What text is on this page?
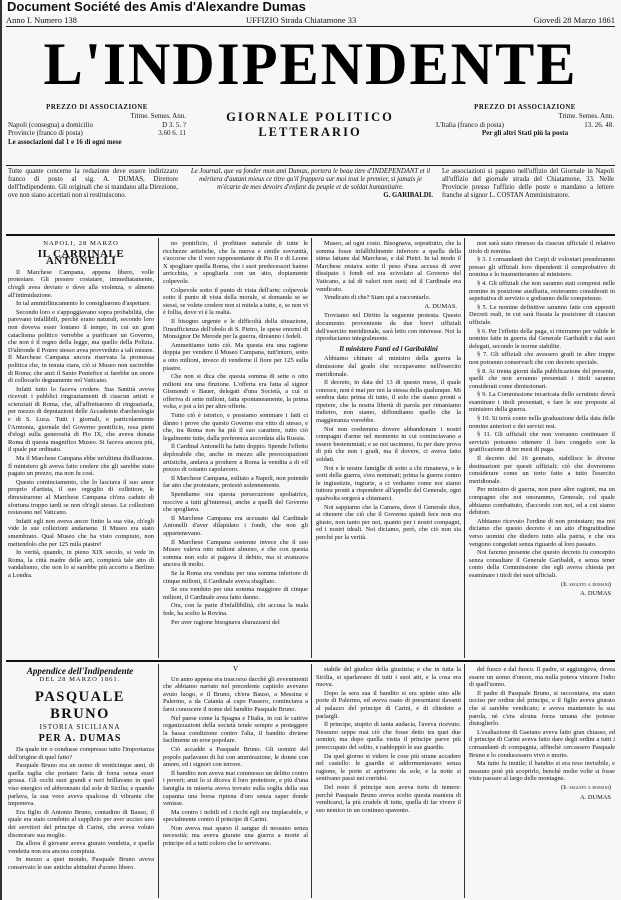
Document Société des Amis d'Alexandre Dumas
Anno I. Numero 138	UFFIZIO Strada Chiatamone 33	Giovedì 28 Marzo 1861
L'INDIPENDENTE
PREZZO DI ASSOCIAZIONE
Trime. Semes. Ann.
Napoli (consegna) a domicilio	D 3. 5. ?
Provincie (franco di posta)	3.60 6. 11
Le associazioni dal 1 e 16 di ogni mese
GIORNALE POLITICO LETTERARIO
PREZZO DI ASSOCIAZIONE
Trime. Semes. Ann.
L'Italia (franco di posta)	13. 26. 48.
Per gli altri Stati più la posta
Tutte quante concerne la redazione deve essere indirizzato franco di posto al sig. A. DUMAS, Direttore dell'Indipendente. Gli originali che si mandano alla Direzione, ove non siano accettati non si restituiscono.
Le Journal, que va fonder mon ami Dumas, portera le beau titre d'INDEPENDANT et il méritera d'autant mieux ce titre qu'il frappera sur moi tout le premier, si jamais je m'écarte de mes devoirs d'enfant du peuple et de soldat humanitaire.
G. GARIBALDI.
Le associazioni si pagano nell'uffizio del Giornale in Napoli all'uffizio del giornale strada del Chiatamone, 33. Nelle Provincie presso l'uffizio delle poste e mandano a lettere franche al signor L. COSTAN Amministratore.
NAPOLI, 28 MARZO
IL CARDINALE ANTONELLI

Il Marchese Campana, appena libero, volle protestare. Gli presero costatare, immediatamente, ch'egli avea deviato e dove alla violenza, o almeno all'intimidazione.

In tal ammirlitucamento lo consigliarono d'aspettare.

Secondo loro e s'appoggiavano sopra probabilità, che parevano infallibili, perchè erano naturali, secondo loro non doveva esser lontano il tempo, in cui un gran cataclisma politico verrebbe a purificare un Governo, che non è il regno della legge, ma quello della Polizia. D'altronde il Potere stesso avea provveduto a tali misure. Il Marchese Campana ancora riservata la promessa politica che, in tenuta ciara, ciò si Museo non uscirebbe di Roma; che anzi il Santo Pontefice si farebbe un onore di collocarlo degnamente nel Vaticano.

Infatti tutto lo faceva credere. Sua Santità aveva ricevuti i pubblici ringraziamenti di ciascun artisti e scienziati di Roma, che, all'affrettarono di ringraziarla, per mezzo di deputazioni delle Accademie d'archeologia e di S. Luca. Tutti i giornali, e particolarmente l'Armonia, giornale del Governo pontificio, resa pieni d'elogi sulla generosità di Pio IX, che aveva donata Roma di questa magnifico Museo. Si faceva ancora più, il quale pur ordinato.

Ma il Marchese Campana ebbe un'ultima disillusione. Il ministero gli aveva fatto credere che gli sarebbe stato pagato un prezzo, ma non fu così.

Questo cominciamento, che lo lasciava il suo amor proprio d'artista, il suo orgoglio di collettore, le dimostrarono al Marchese Campana ch'era caduto di sfortuna troppo tardi se non ch'egli stesso. Le collezioni restavano nel Vaticano.

Infatti egli non aveva ancor finito la sua vita, ch'egli vide le sue collezioni andarsene. Il Museo era stato smembrato. Qual Museo che ha visto compiuto, non mettendolo che per 125 mila piastre!

In verità, quando, in pieno XIX secolo, si vede in Roma, la città madre delle arti, compierà tale atto di vandalismo, che non lo si sarebbe più accorto a Berlino a Londra.

no pontificio, il profittare naturale di tutte le ricchezze artistiche, che la nuova e simile sovranità, s'accorse che il vero rappresentante di Pio II e di Leone X spogliare quella Roma, che i suoi predecessori hanno arricchita, e spogliarla con un atto, dopiamente colpevole.

Colpevole sotto il punto di vista dell'arte; colpevole sotto il punto di vista della morale, si domanda se se stessi, se volete credere non si mitela a tutte, e, se non vi è follia, dove vi è la realtà.

Il bisogno urgente e le difficoltà della situazione, l'insufficienza dell'obolo di S. Pietro, le spese enormi di Monsignor De Merode per la guerra, direanno i fedeli.

Ammettiamo tutto ciò. Ma questa era una ragione doppia per vendere il Museo Campana, tutt'intero, sotto a otto milioni, invece di venderne il fiore per 125 sulla piastre.

Che non si dica che questa somma di sette o otto milioni era una finzione. L'offerta era fatta al signor Gismondi e Bauer, delegati d'una Società, a cui si offeriva di sette milioni, fatta spontaneamente, la prima volta, e poi a lei per altre offerte.

Tutto ciò è istorico, e possiamo sommare i fatti ci dànno i prove che questo Governo era vitto di stesso, e che, tra Roma non ha più il suo carattere, tutto ciò legalmente tutte, dalla preferenza accordata alla Russia.

Il Cardinal Antonelli ha fatto doppio. Spende l'effetto deplorabile che, anche in mezzo alle preoccupazioni artistiche, andava a produrre a Roma la vendita a di vil prezzo di cotanto capolavoro.

Il Marchese Campana, esiliato a Napoli, non potendo far atto che protestare, protestò solennemente.

Spendiamo ora questa persecuzione spoliatrice, noccive a tutti gl'interessi, anche a quelli del Governo che spogliava.

Il Marchese Campana era accusato dal Cardinale Antonelli d'aver dilapidato i fondi, che non gli appartenevano.

Il Marchese Campana sostenne invece che il suo Museo valeva otto milioni almeno, e che con questa somma non solo si pagava il debito, ma si avanzava ancora di molto.

Se la Roma era venduta per una somma inferiore di cinque milioni, il Cardinale aveva sbagliato.

Se era venduto per una somma maggiore di cinque milioni, il Cardinale avea fatto danno.

Ora, con la parte d'infallibilità, chi accusa la mala fede, ha scelto la Rovina.

Per aver ragione bisognava sbarazzarsi del

Museo, ad ogni costo. Bisognava, soprattutto, che la somma fosse infallibilmente inferiore a quella della stima fattane dal Marchese, e dal Pietri. In tal modo il Marchese restava sotto il peso d'una accusa di aver dissipato i fondi ed era scivolato al Governo del Vaticano, a tal di valori non suoi; ed il Cardinale era vendicato.

Vendicato di che? Siam qui a raccontarlo.

A. DUMAS.

Troviamo nel Diritto la seguente protesta. Questo documento proveniente da due brevi uffiziali dell'esercito meridionale, sarà letto con interesse. Noi la riproduciamo integralmente.

Il ministero Fanti ed i Garibaldini

Abbiamo chinato al ministro della guerra la dimissione dal grado che occupavamo nell'esercito meridionale.

Il decreto, in data del 13 di questo mese, il quale conosce, non è mai per noi la stessa della qualunque. Mi sembra dato prima di tutto, il solo che siamo pronti a ripetere, che la nostra libertà di parola per rimaniamo indietro, non siamo, diffondiamo quello che la maggioranza vorrebbe.

Noi non credemmo dovere abbandonare i nostri compagni d'arme nel momento in cui cominciavano a essere bestemmiati; e se noi uscimmo, fu per dare prova di più che non i gradi, ma il dovere, ci aveva fatto soldati.

Noi e le nostre famiglie di sotto a chi rimaneva, o le sorti della guerra, s'era nominati; prima la guerra contro le ingiustizie, ingiurie, a ci vediamo come noi siamo tuttora pronti a rispondere all'appello del Generale, ogni qualvolta sorgerà a chiamarci.

Noi sappiamo che la Camera, dove il Generale dice, ai ritenere che ciò che il Governo quindi fece non era giusto, non tanto per noi, quanto per i nostri compagni, ed i nostri ideali. Noi diciamo, però, che ciò non sia perché per la verità.

non sarà stato rimesso da ciascun ufficiale il relativo titolo di nomina.

§ 3. I comandanti dei Corpi di volontari prenderanno presso gli uffiziali loro dipendenti il comprobativo di nomina e lo trasmetteranno al ministero.

§ 4. Gli uffiziali che non saranno stati compresi nelle nomine in posizione ausiliaria, resteranno considerati in aspettativa di servizio e godranno delle competenze.

§ 5. Le nomine definitive saranno fatte con appositi Decreti reali, in cui sarà fissata la posizione di ciascun uffiziale.

§ 6. Per l'effetto della paga, si riterranno per valide le nomine fatte in guerra dal Generale Garibaldi e dai suoi delegati, secondo le norme stabilite.

§ 7. Gli uffiziali che avessero gradi in altre truppe non potranno conservarli che con decreto speciale.

§ 8. Ai trenta giorni dalla pubblicazione del presente, quelli che non avranno presentati i titoli saranno considerati come dimissionari.

§ 9. La Commissione incaricata dello scrutinio dovrà esaminare i titoli presentati, e fare le sue proposte al ministero della guerra.

§ 10. Si terrà conto nella graduazione della data delle nomine anteriori e dei servizi resi.

§ 11. Gli uffiziali che non vorranno continuare il servizio potranno ottenere il loro congedo con la gratificazione di tre mesi di paga.

Il decreto del 16 gennaio, stabilisce le diverse destinazioni per questi uffiziali; ciò che dovremmo considerare come un torto fatto a tutto l'esercito meridionale.

Per ministro di guerra, non pure altre ragioni, ma un compagno che noi onorammo, Generale, col quale abbiamo combattuto, d'accordo con noi, ed a cui siamo debitori.

Abbiamo ricevuto l'ordine di non protestare; ma noi diciamo che questo decreto è un atto d'ingratitudine verso uomini che diedero tutto alla patria, e che ora vengono congedati senza riguardo al loro passato.

Noi faremo presente che questo decreto fu concepito senza consultare il Generale Garibaldi, e senza tener conto della Commissione che egli aveva chiesta per esaminare i titoli dei suoi ufficiali.

(Il seguito a domani)
A. DUMAS
Appendice dell'Indipendente
DEL 28 MARZO 1861.
PASQUALE BRUNO
ISTORIA SICILIANA
PER A. DUMAS

Da quale tre o condusse compresso tutto l'importanza dell'origine di quel fatto?

Pasquale Bruno era un uomo di venticinque anni, di quella taglia che portano l'aria di forza senza esser grossa. Gli occhi suoi grandi e neri brillavano in quel viso energico ed abbronzato dal sole di Sicilia; e quando parlava, la sua voce aveva qualcosa di vibrante che imponeva.

Era figlio di Antonio Bruno, contadino di Bauso, il quale era stato condotto al supplizio per aver ucciso uno dei servitori del principe di Carini, che aveva voluto disonorare sua moglie.

Da allora il giovane aveva giurato vendetta, e quella vendetta non era ancora compiuta.

In mezzo a quei mondo, Pasquale Bruno aveva conservato le sue antiche abitudini d'uomo libero.

V

Un anno appena era trascorso dacchè gli avvenimenti che abbiamo narrato nel precedente capitolo avevano avuto luogo, e il Bruno, ch'era Bauso, a Messina e Palermo, a da Catania al capo Passero, cominciava a farsi conoscere il nome del bandito Pasquale Bruno.

Nel paese come la Spagna e l'Italia, in cui le cattive organizzazioni della società tende sempre a proteggere la bassa condizione contro l'alta, il bandito diviene facilmente un eroe popolare.

Ciò accadde a Pasquale Bruno. Gli uomini del popolo parlavano di lui con ammirazione, le donne con amore, ed i signori con terrore.

Il bandito non aveva mai commesso un delitto contro i poveri; anzi lo si diceva il loro protettore, e più d'una famiglia in miseria aveva trovato sulla soglia della sua capanna una borsa ripiena d'oro senza saper donde venisse.

Ma contro i nobili ed i ricchi egli era implacabile, e specialmente contro il principe di Carini.

Non aveva mai sparso il sangue di nessuno senza necessità; ma aveva giurato una guerra a morte al principe ed a tutti coloro che lo servivano.

stabile del giudice della giustizia; e che in tutta la Sicilia, si sparlavano di tutti i suoi atti, e la cosa era nuova.

Dopo la sera sua il bandito si era spinto sino alle porte di Palermo, ed aveva osato di presentarsi davanti al palazzo del principe di Carini, e di chiedere a parlargli.

Il principe, stupito di tanta audacia, l'aveva ricevuto. Nessuno seppe mai ciò che fosse detto tra quei due uomini; ma dopo quella visita il principe parve più preoccupato del solito, e raddoppiò le sue guardie.

Da quel giorno si videro le cose più strane accadere nel castello: le guardie si addormentavano senza ragione, le porte si aprivano da sole, e la notte si sentivano passi nei corridoi.

Del resto il principe non aveva torto di temere: perchè Pasquale Bruno aveva scelto questa maniera di vendicarsi, la più crudele di tutte, quella di far vivere il suo nemico in un continuo spavento.

del fuoco e dal fuoco. Il padre, si aggiungeva, dovea essere un uomo d'onore, ma nulla poteva vincere l'odio di quell'uomo.

Il padre di Pasquale Bruno, si raccontava, era stato ucciso per ordine del principe, e il figlio aveva giurato che si sarebbe vendicato; e aveva mantenuto la sua parola, nè c'era alcuna forza umana che potesse distoglierlo.

L'esaltazione di Gaetano aveva fatto gran chiasso, ed il principe di Carini aveva fatto dare degli ordini a tutti i comandanti di compagnia, affinchè cercassero Pasquale Bruno e lo conducessero vivo o morto.

Ma tutto fu inutile; il bandito si era reso invisibile, e nessuno potè più scoprirlo, benchè molte volte si fosse visto passare al largo delle montagne.

(Il seguito a domani)
A. DUMAS
